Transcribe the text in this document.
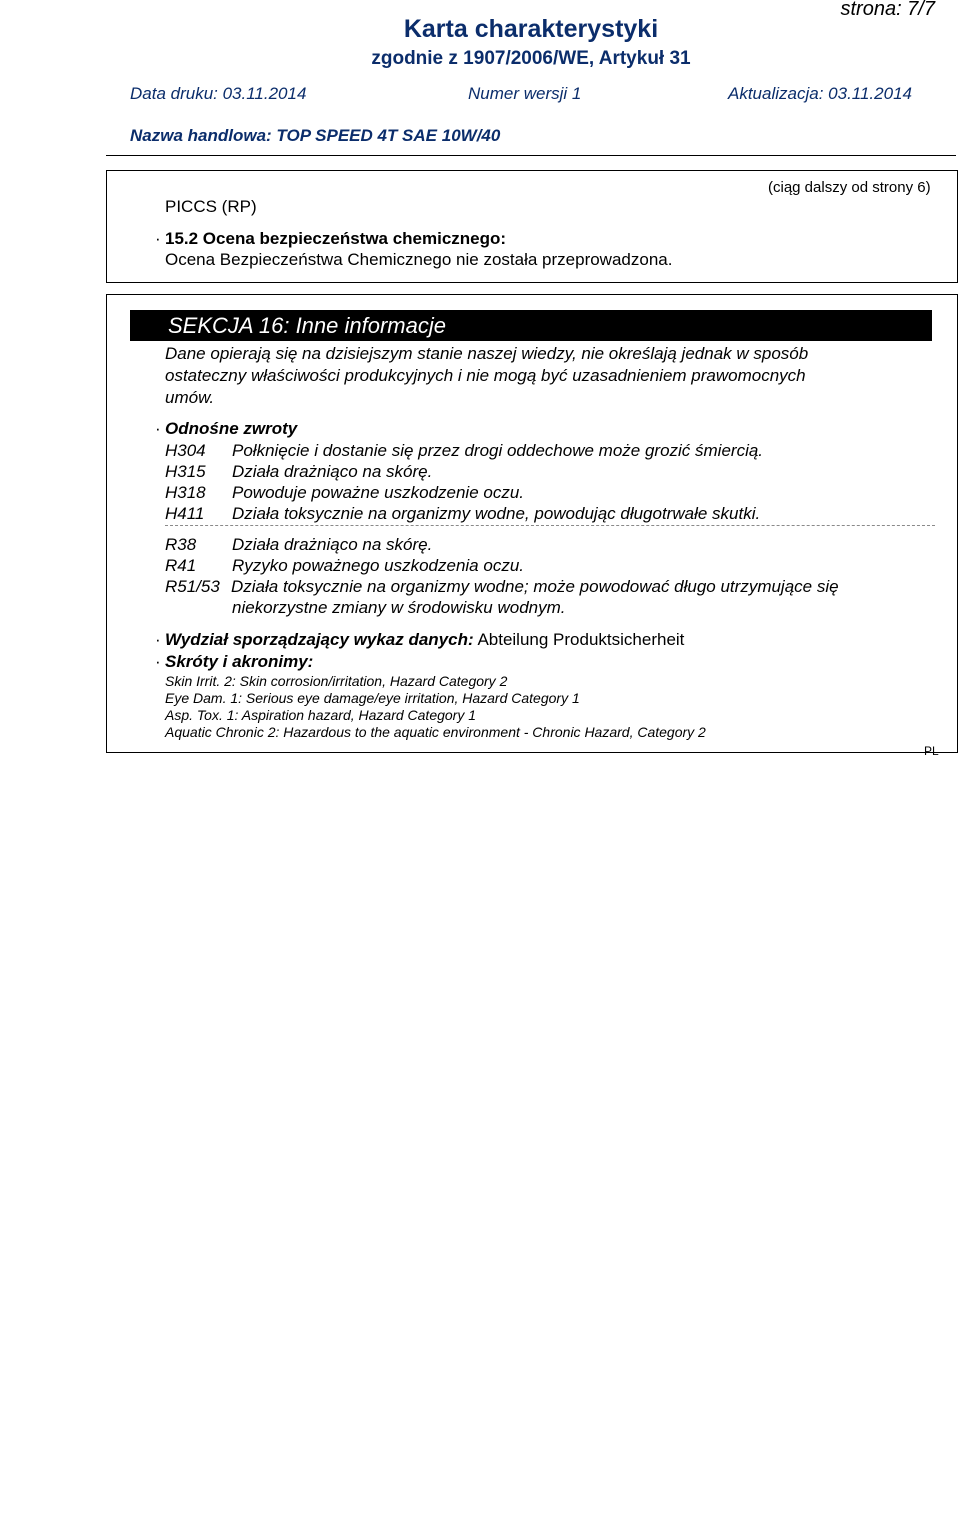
strona: 7/7
Karta charakterystyki
zgodnie z 1907/2006/WE, Artykuł 31
Data druku: 03.11.2014	Numer wersji 1	Aktualizacja: 03.11.2014
Nazwa handlowa: TOP SPEED 4T SAE 10W/40
PICCS (RP)
(ciąg dalszy od strony 6)
· 15.2 Ocena bezpieczeństwa chemicznego:
Ocena Bezpieczeństwa Chemicznego nie została przeprowadzona.
SEKCJA 16: Inne informacje
Dane opierają się na dzisiejszym stanie naszej wiedzy, nie określają jednak w sposób
ostateczny właściwości produkcyjnych i nie mogą być uzasadnieniem prawomocnych
umów.
· Odnośne zwroty
H304 Połknięcie i dostanie się przez drogi oddechowe może grozić śmiercią.
H315 Działa drażniąco na skórę.
H318 Powoduje poważne uszkodzenie oczu.
H411 Działa toksycznie na organizmy wodne, powodując długotrwałe skutki.
R38 Działa drażniąco na skórę.
R41 Ryzyko poważnego uszkodzenia oczu.
R51/53 Działa toksycznie na organizmy wodne; może powodować długo utrzymujące się
niekorzystne zmiany w środowisku wodnym.
· Wydział sporządzający wykaz danych: Abteilung Produktsicherheit
· Skróty i akronimy:
Skin Irrit. 2: Skin corrosion/irritation, Hazard Category 2
Eye Dam. 1: Serious eye damage/eye irritation, Hazard Category 1
Asp. Tox. 1: Aspiration hazard, Hazard Category 1
Aquatic Chronic 2: Hazardous to the aquatic environment - Chronic Hazard, Category 2
PL
